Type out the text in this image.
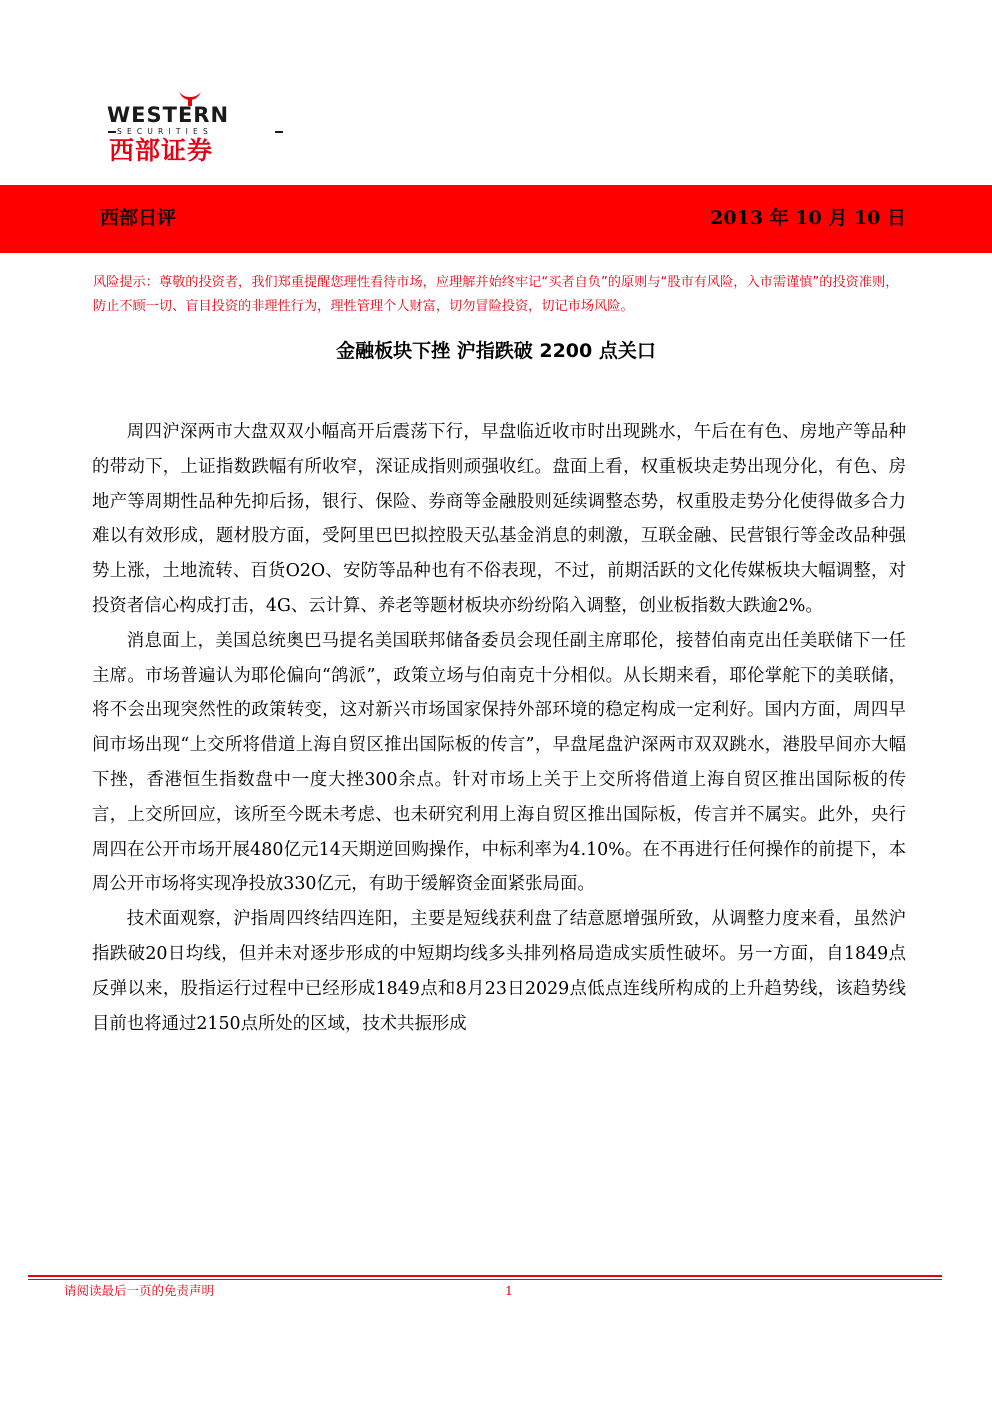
WESTERN
SECURITIES
西部证券
西部日评	2013 年 10 月 10 日
风险提示：尊敬的投资者，我们郑重提醒您理性看待市场，应理解并始终牢记“买者自负”的原则与“股市有风险，入市需谨慎”的投资准则，防止不顾一切、盲目投资的非理性行为，理性管理个人财富，切勿冒险投资，切记市场风险。
金融板块下挫 沪指跌破 2200 点关口

周四沪深两市大盘双双小幅高开后震荡下行，早盘临近收市时出现跳水，午后在有色、房地产等品种的带动下，上证指数跌幅有所收窄，深证成指则顽强收红。盘面上看，权重板块走势出现分化，有色、房地产等周期性品种先抑后扬，银行、保险、券商等金融股则延续调整态势，权重股走势分化使得做多合力难以有效形成，题材股方面，受阿里巴巴拟控股天弘基金消息的刺激，互联金融、民营银行等金改品种强势上涨，土地流转、百货O2O、安防等品种也有不俗表现，不过，前期活跃的文化传媒板块大幅调整，对投资者信心构成打击，4G、云计算、养老等题材板块亦纷纷陷入调整，创业板指数大跌逾2%。

消息面上，美国总统奥巴马提名美国联邦储备委员会现任副主席耶伦，接替伯南克出任美联储下一任主席。市场普遍认为耶伦偏向“鸽派”，政策立场与伯南克十分相似。从长期来看，耶伦掌舵下的美联储，将不会出现突然性的政策转变，这对新兴市场国家保持外部环境的稳定构成一定利好。国内方面，周四早间市场出现“上交所将借道上海自贸区推出国际板的传言”，早盘尾盘沪深两市双双跳水，港股早间亦大幅下挫，香港恒生指数盘中一度大挫300余点。针对市场上关于上交所将借道上海自贸区推出国际板的传言，上交所回应，该所至今既未考虑、也未研究利用上海自贸区推出国际板，传言并不属实。此外，央行周四在公开市场开展480亿元14天期逆回购操作，中标利率为4.10%。在不再进行任何操作的前提下，本周公开市场将实现净投放330亿元，有助于缓解资金面紧张局面。

技术面观察，沪指周四终结四连阳，主要是短线获利盘了结意愿增强所致，从调整力度来看，虽然沪指跌破20日均线，但并未对逐步形成的中短期均线多头排列格局造成实质性破坏。另一方面，自1849点反弹以来，股指运行过程中已经形成1849点和8月23日2029点低点连线所构成的上升趋势线，该趋势线目前也将通过2150点所处的区域，技术共振形成

请阅读最后一页的免责声明	1
